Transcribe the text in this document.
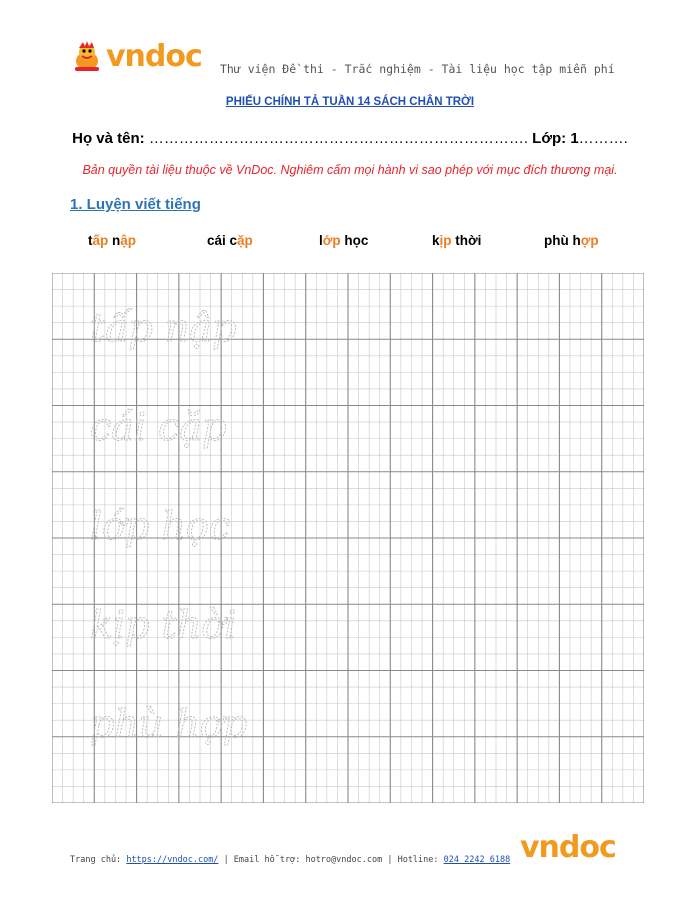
vndoc Thư viện Đề thi - Trắc nghiệm - Tài liệu học tập miễn phí
PHIẾU CHÍNH TẢ TUẦN 14 SÁCH CHÂN TRỜI
Họ và tên: …………………………………………………………………. Lớp: 1……….
Bản quyền tài liệu thuộc về VnDoc. Nghiêm cấm mọi hành vi sao phép với mục đích thương mại.
1. Luyện viết tiếng
tấp nập	cái cặp	lớp học	kịp thời	phù hợp
tấp nập
cái cặp
lớp học
kịp thời
phù hợp
Trang chủ: https://vndoc.com/ | Email hỗ trợ: hotro@vndoc.com | Hotline: 024 2242 6188 vndoc
